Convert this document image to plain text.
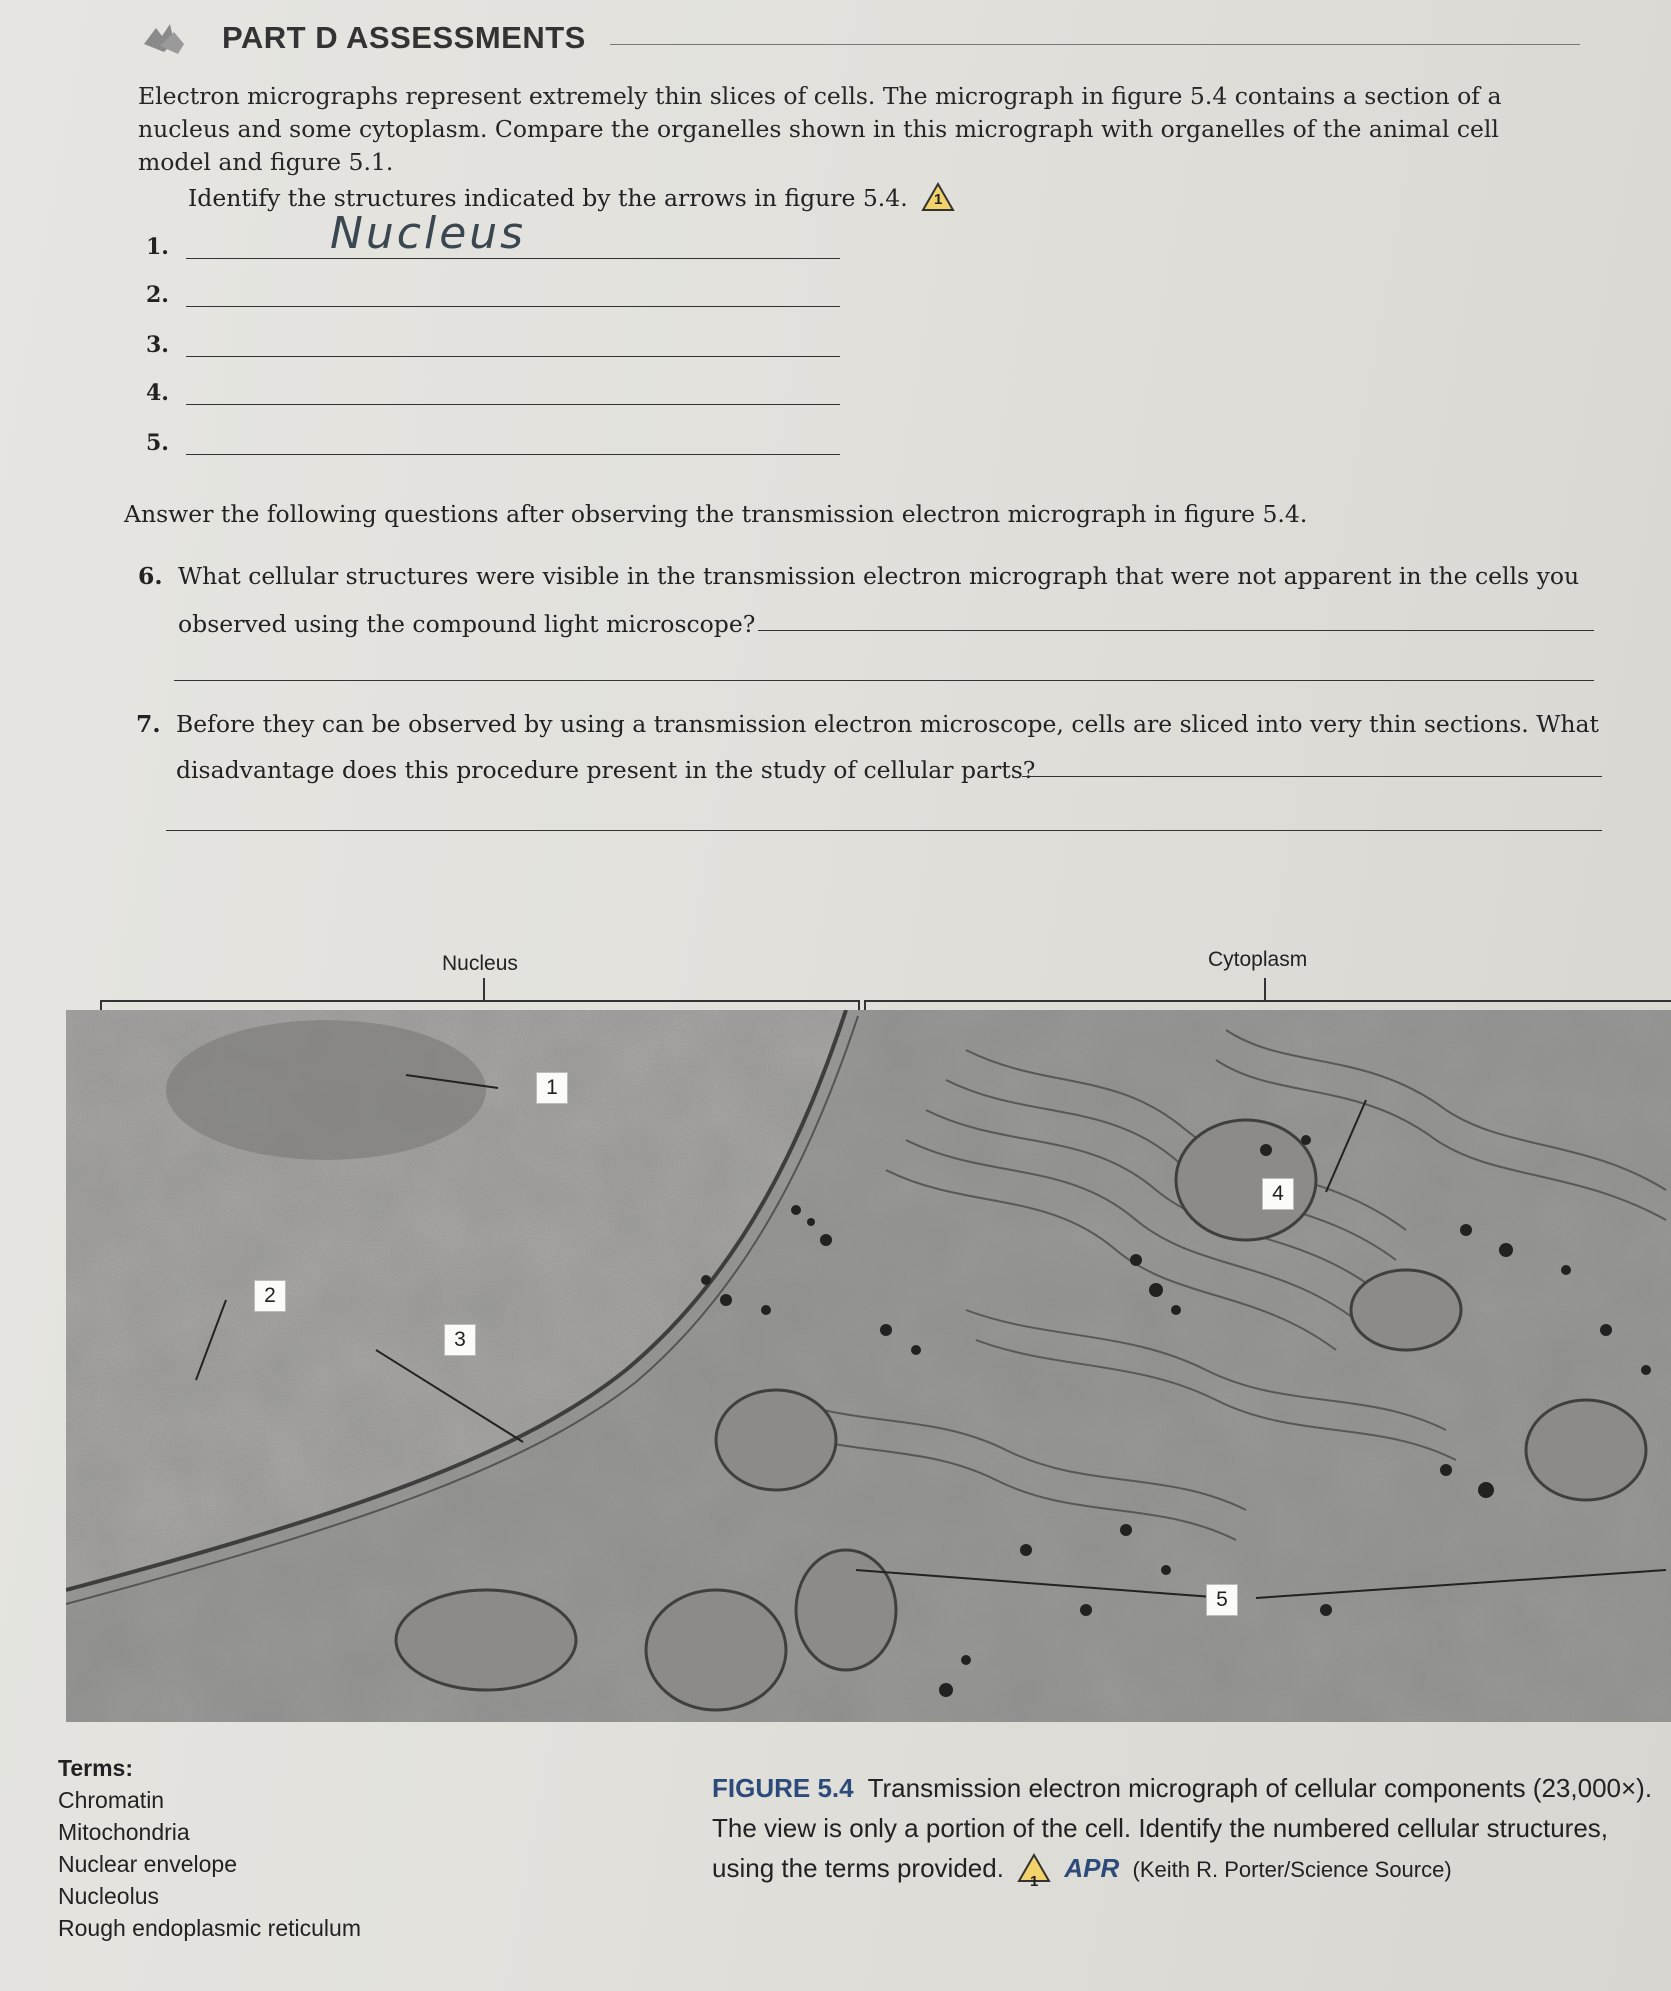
PART D ASSESSMENTS
Electron micrographs represent extremely thin slices of cells. The micrograph in figure 5.4 contains a section of a nucleus and some cytoplasm. Compare the organelles shown in this micrograph with organelles of the animal cell model and figure 5.1.
Identify the structures indicated by the arrows in figure 5.4.	1
1.
2.
3.
4.
5.
Nucleus
Answer the following questions after observing the transmission electron micrograph in figure 5.4.
6. What cellular structures were visible in the transmission electron micrograph that were not apparent in the cells you
observed using the compound light microscope?
7. Before they can be observed by using a transmission electron microscope, cells are sliced into very thin sections. What
disadvantage does this procedure present in the study of cellular parts?
Nucleus	Cytoplasm
1
2
3
4
5
Terms:
Chromatin
Mitochondria
Nuclear envelope
Nucleolus
Rough endoplasmic reticulum
FIGURE 5.4 Transmission electron micrograph of cellular components (23,000×). The view is only a portion of the cell. Identify the numbered cellular structures, using the terms provided.	1	APR (Keith R. Porter/Science Source)
